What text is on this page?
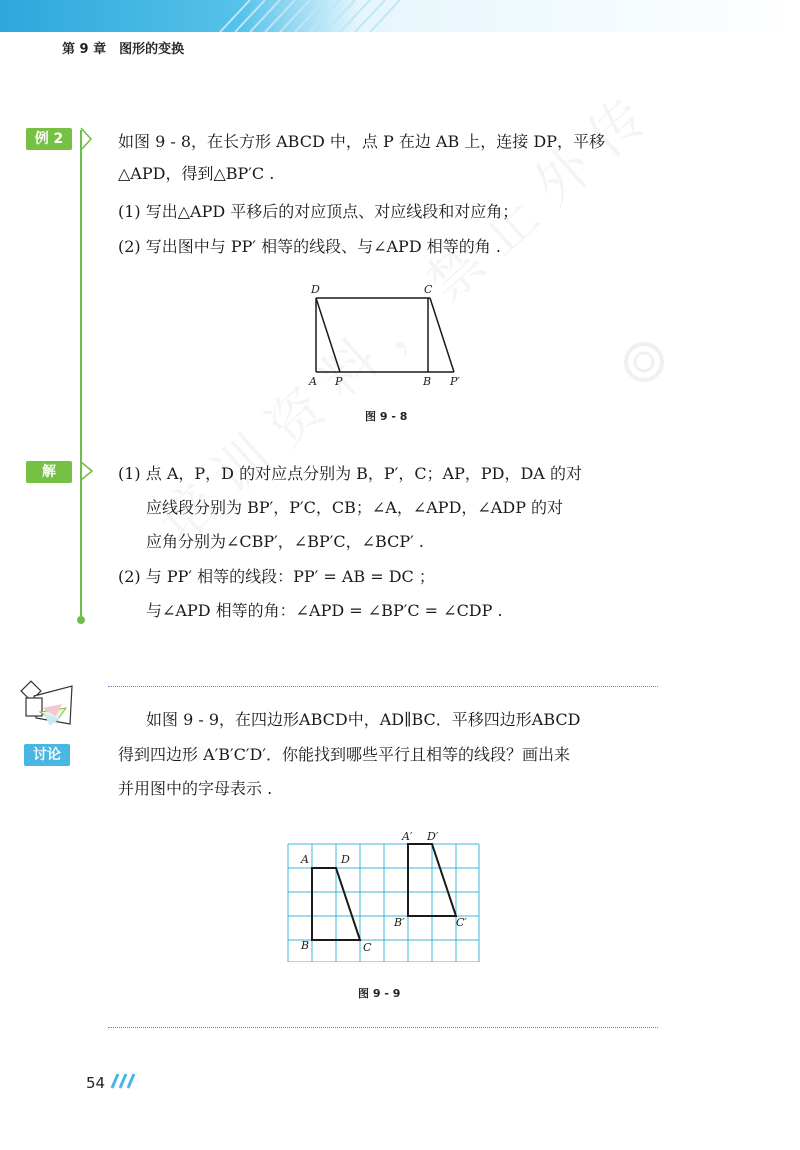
第 9 章　图形的变换
例 2	如图 9 - 8，在长方形 ABCD 中，点 P 在边 AB 上，连接 DP，平移
△APD，得到△BP′C .
(1) 写出△APD 平移后的对应顶点、对应线段和对应角；
(2) 写出图中与 PP′ 相等的线段、与∠APD 相等的角 .
D	C
A P	B P′
图 9 - 8
解	(1) 点 A，P，D 的对应点分别为 B，P′，C；AP，PD，DA 的对
应线段分别为 BP′，P′C，CB；∠A，∠APD，∠ADP 的对
应角分别为∠CBP′，∠BP′C，∠BCP′ .
(2) 与 PP′ 相等的线段：PP′ = AB = DC ；
与∠APD 相等的角：∠APD = ∠BP′C = ∠CDP .
讨论
如图 9 - 9，在四边形ABCD中，AD∥BC．平移四边形ABCD
得到四边形 A′B′C′D′．你能找到哪些平行且相等的线段？画出来
并用图中的字母表示 .
A	D
B	C
A′ D′
B′	C′
图 9 - 9
54
